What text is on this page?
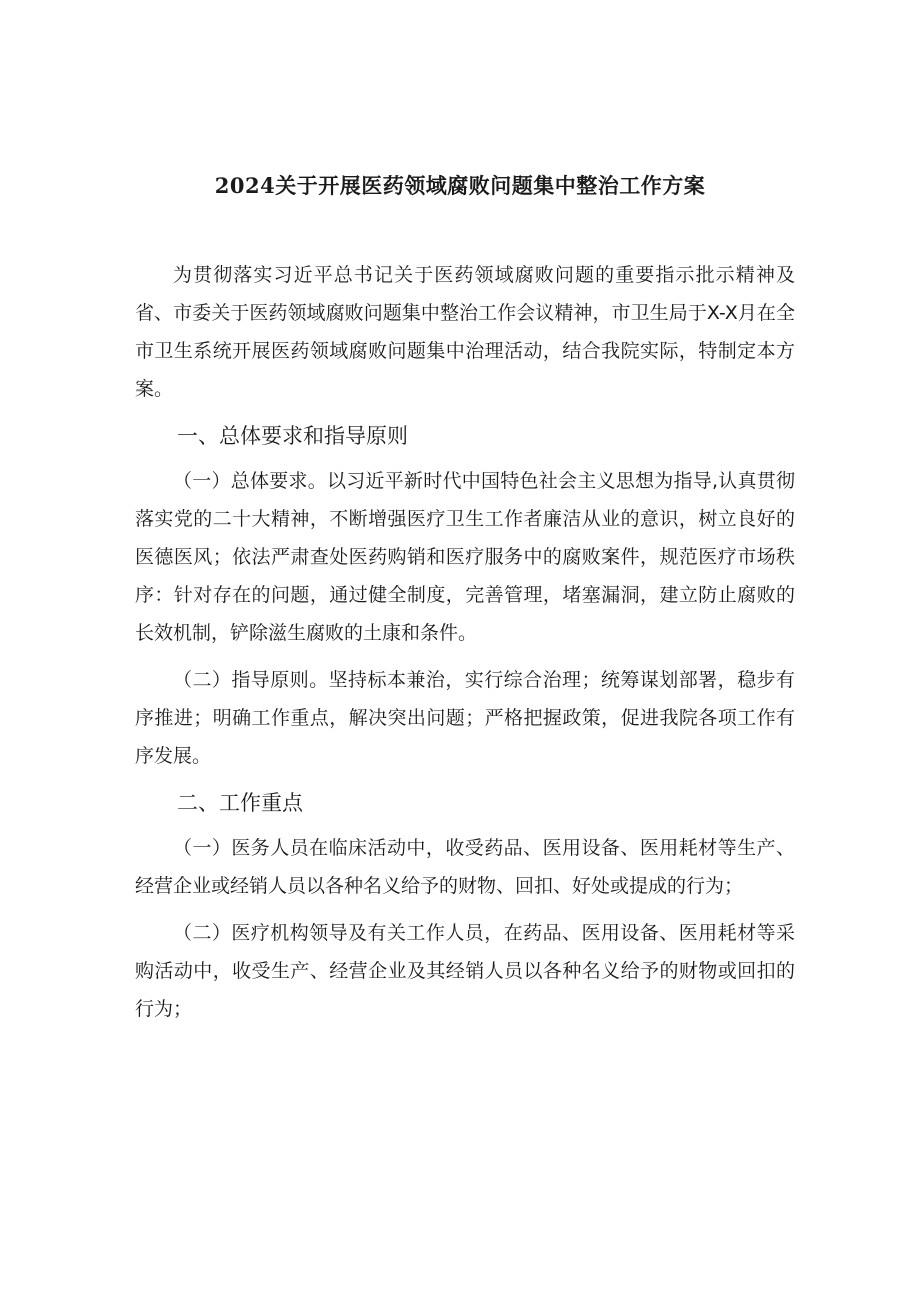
2024关于开展医药领域腐败问题集中整治工作方案

为贯彻落实习近平总书记关于医药领域腐败问题的重要指示批示精神及省、市委关于医药领域腐败问题集中整治工作会议精神，市卫生局于X-X月在全市卫生系统开展医药领域腐败问题集中治理活动，结合我院实际，特制定本方案。

一、总体要求和指导原则

（一）总体要求。以习近平新时代中国特色社会主义思想为指导,认真贯彻落实党的二十大精神，不断增强医疗卫生工作者廉洁从业的意识，树立良好的医德医风；依法严肃查处医药购销和医疗服务中的腐败案件，规范医疗市场秩序：针对存在的问题，通过健全制度，完善管理，堵塞漏洞，建立防止腐败的长效机制，铲除滋生腐败的土康和条件。

（二）指导原则。坚持标本兼治，实行综合治理；统筹谋划部署，稳步有序推进；明确工作重点，解决突出问题；严格把握政策，促进我院各项工作有序发展。

二、工作重点

（一）医务人员在临床活动中，收受药品、医用设备、医用耗材等生产、经营企业或经销人员以各种名义给予的财物、回扣、好处或提成的行为；

（二）医疗机构领导及有关工作人员，在药品、医用设备、医用耗材等采购活动中，收受生产、经营企业及其经销人员以各种名义给予的财物或回扣的行为；
